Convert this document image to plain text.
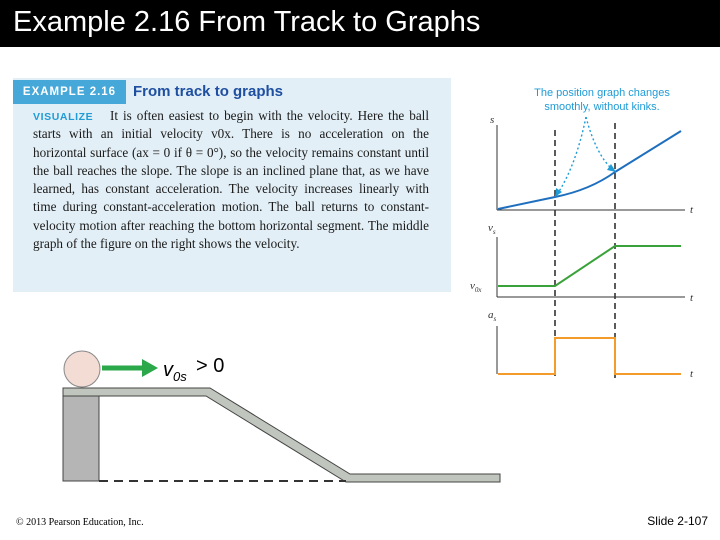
Example 2.16 From Track to Graphs
EXAMPLE 2.16	From track to graphs
VISUALIZE	It is often easiest to begin with the velocity. Here the ball starts with an initial velocity v0x. There is no acceleration on the horizontal surface (ax = 0 if θ = 0°), so the velocity remains constant until the ball reaches the slope. The slope is an inclined plane that, as we have learned, has constant acceleration. The velocity increases linearly with time during constant-acceleration motion. The ball returns to constant-velocity motion after reaching the bottom horizontal segment. The middle graph of the figure on the right shows the velocity.

s
t
The position graph changes
smoothly, without kinks.
$v_s$
$v_{0x}$
t
$a_s$
t
$v_{0s} > 0$
© 2013 Pearson Education, Inc.	Slide 2-107
